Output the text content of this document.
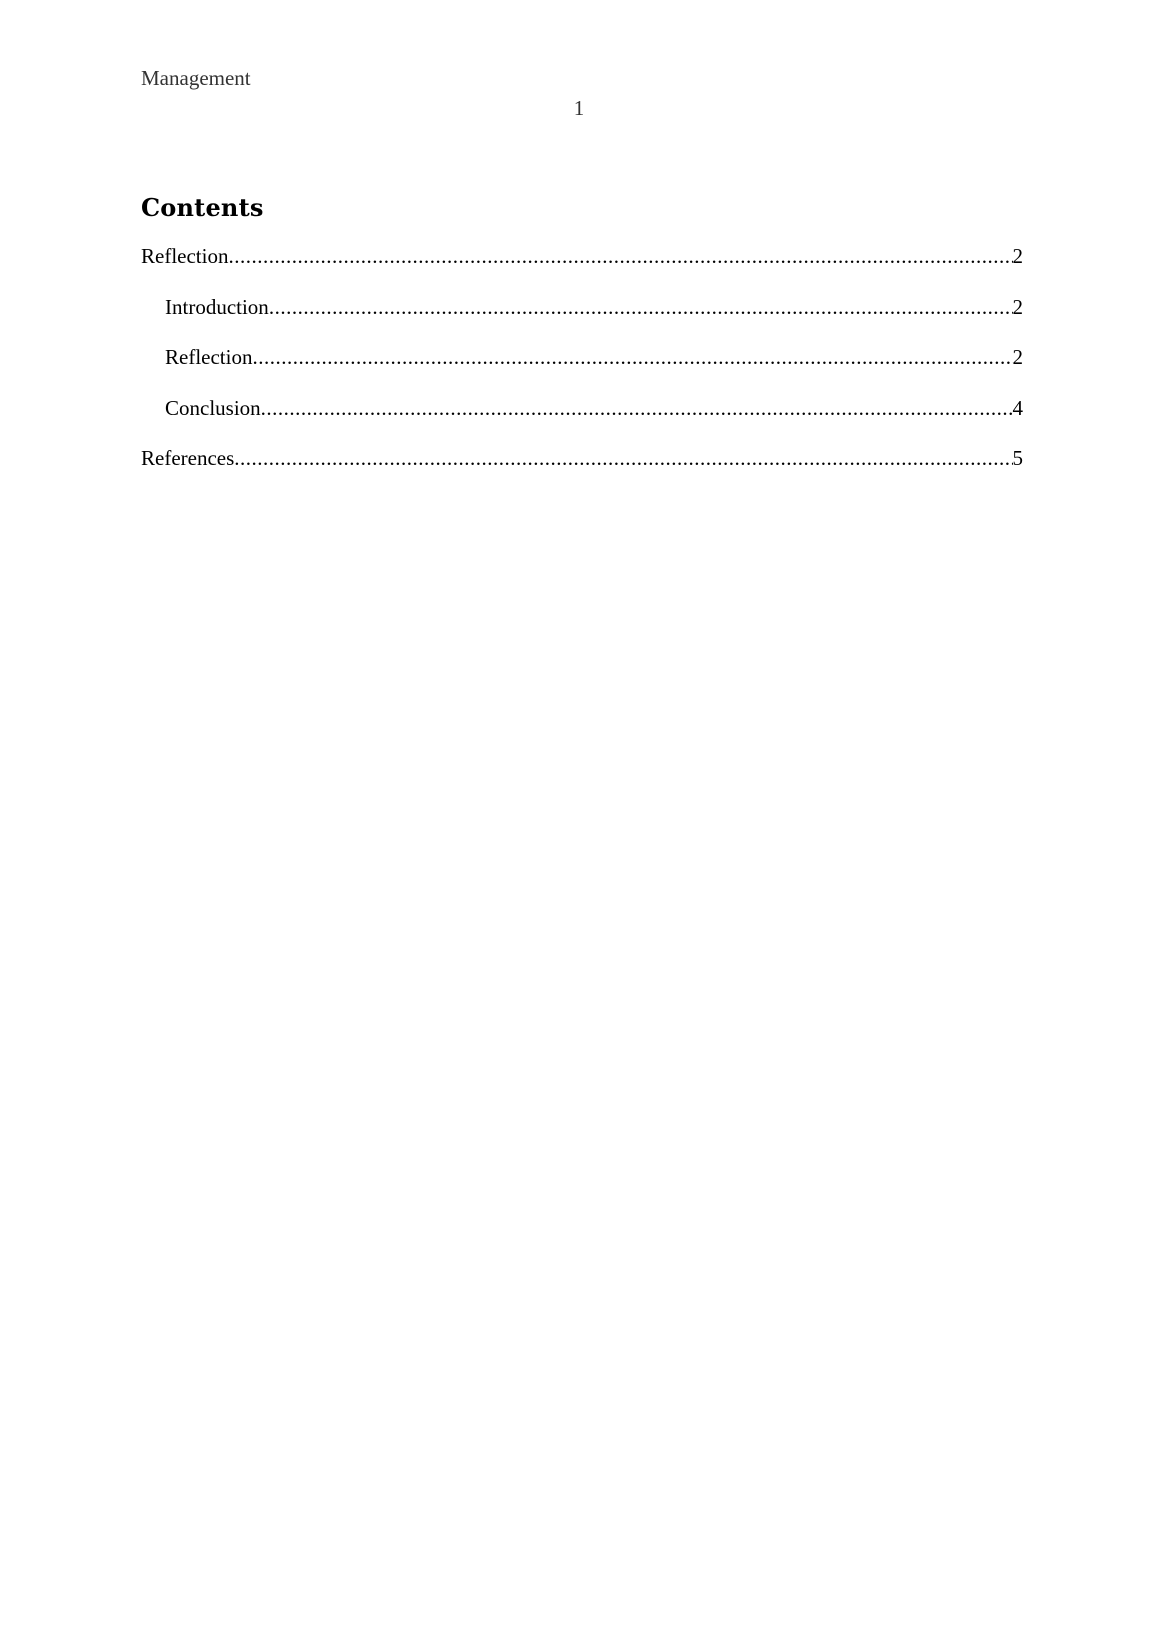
Management
1
Contents
Reflection .....	2
Introduction .....	2
Reflection .....	2
Conclusion .....	4
References .....	5
